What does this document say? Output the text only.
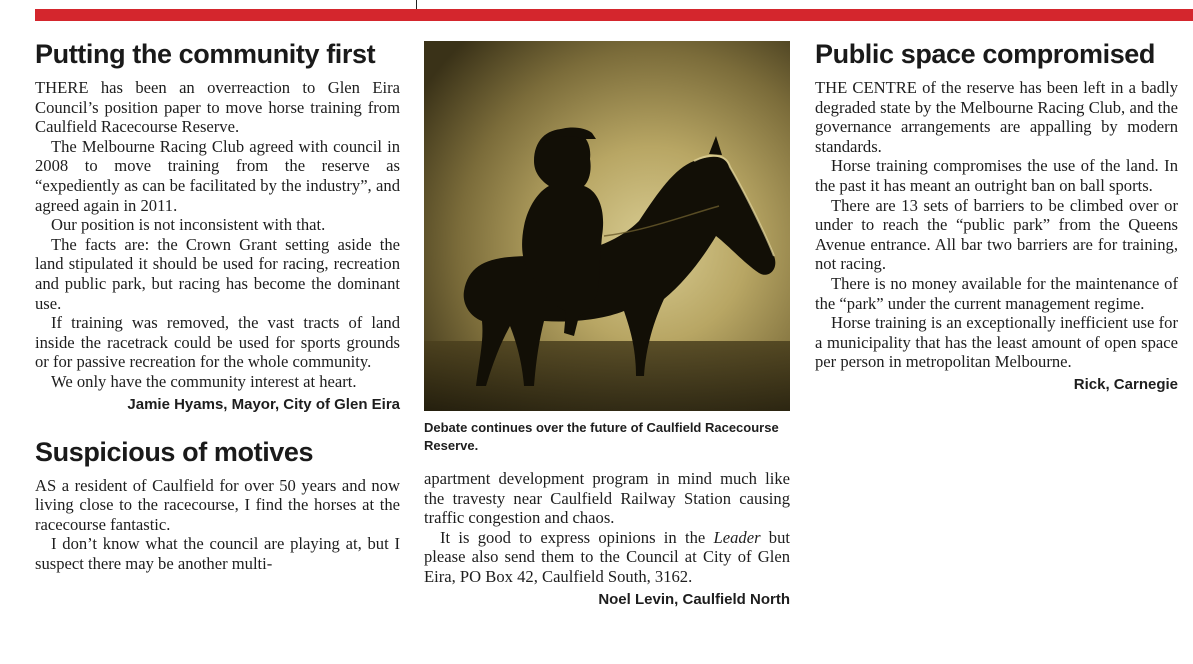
Putting the community first

THERE has been an overreaction to Glen Eira Council’s position paper to move horse training from Caulfield Racecourse Reserve.

The Melbourne Racing Club agreed with council in 2008 to move training from the reserve as “expediently as can be facilitated by the industry”, and agreed again in 2011.

Our position is not inconsistent with that.

The facts are: the Crown Grant setting aside the land stipulated it should be used for racing, recreation and public park, but racing has become the dominant use.

If training was removed, the vast tracts of land inside the racetrack could be used for sports grounds or for passive recreation for the whole community.

We only have the community interest at heart.

Jamie Hyams, Mayor, City of Glen Eira

Suspicious of motives

AS a resident of Caulfield for over 50 years and now living close to the racecourse, I find the horses at the racecourse fantastic.

I don’t know what the council are playing at, but I suspect there may be another multi-

Debate continues over the future of Caulfield Racecourse Reserve.

apartment development program in mind much like the travesty near Caulfield Railway Station causing traffic congestion and chaos.

It is good to express opinions in the Leader but please also send them to the Council at City of Glen Eira, PO Box 42, Caulfield South, 3162.

Noel Levin, Caulfield North

Public space compromised

THE CENTRE of the reserve has been left in a badly degraded state by the Melbourne Racing Club, and the governance arrangements are appalling by modern standards.

Horse training compromises the use of the land. In the past it has meant an outright ban on ball sports.

There are 13 sets of barriers to be climbed over or under to reach the “public park” from the Queens Avenue entrance. All bar two barriers are for training, not racing.

There is no money available for the maintenance of the “park” under the current management regime.

Horse training is an exceptionally inefficient use for a municipality that has the least amount of open space per person in metropolitan Melbourne.

Rick, Carnegie
